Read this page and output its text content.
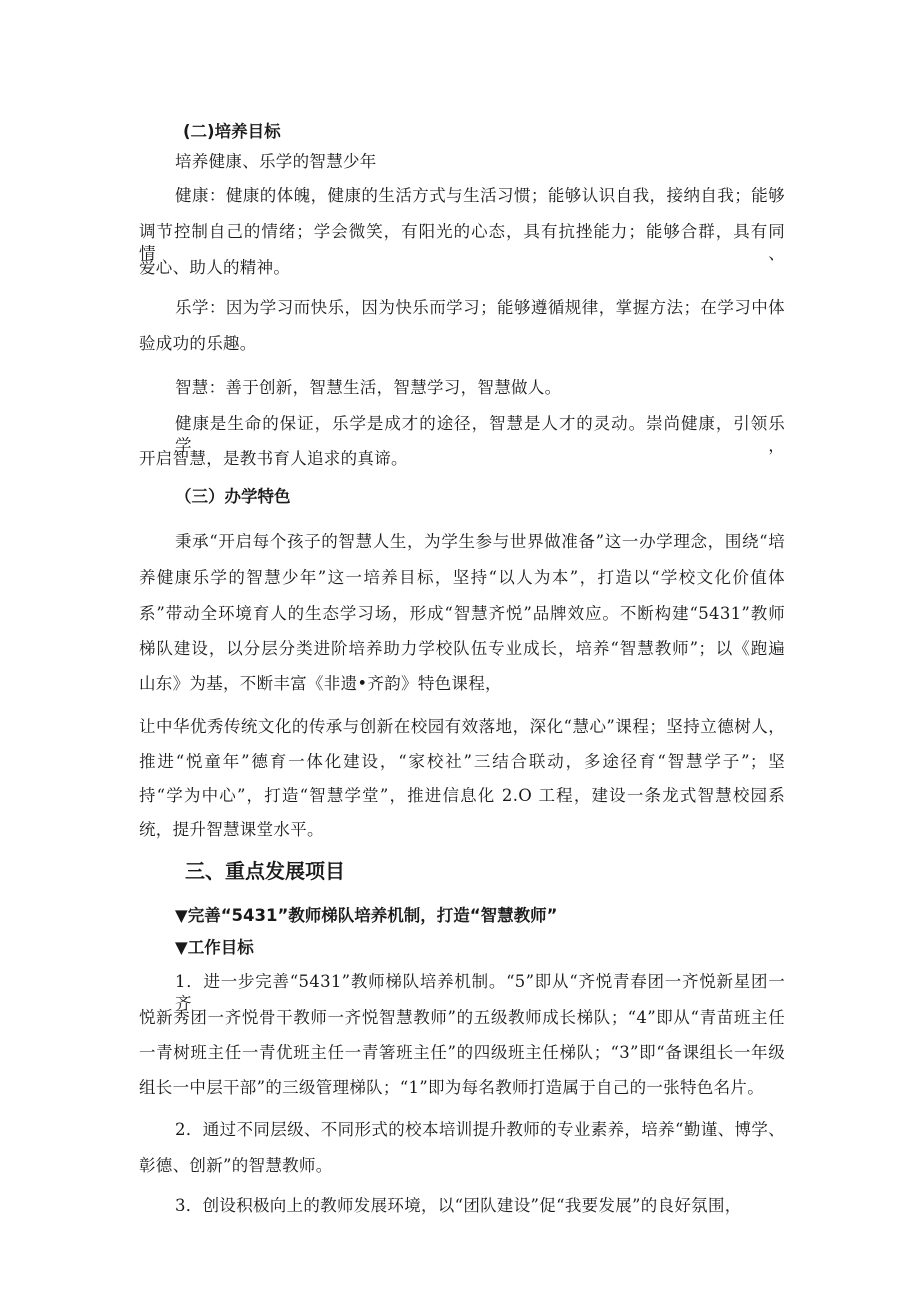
(二)培养目标
培养健康、乐学的智慧少年
健康：健康的体魄，健康的生活方式与生活习惯；能够认识自我，接纳自我；能够
调节控制自己的情绪；学会微笑，有阳光的心态，具有抗挫能力；能够合群，具有同情、
爱心、助人的精神。
乐学：因为学习而快乐，因为快乐而学习；能够遵循规律，掌握方法；在学习中体
验成功的乐趣。
智慧：善于创新，智慧生活，智慧学习，智慧做人。
健康是生命的保证，乐学是成才的途径，智慧是人才的灵动。崇尚健康，引领乐学，
开启智慧，是教书育人追求的真谛。
（三）办学特色
秉承“开启每个孩子的智慧人生，为学生参与世界做准备”这一办学理念，围绕“培
养健康乐学的智慧少年”这一培养目标，坚持“以人为本”，打造以“学校文化价值体
系”带动全环境育人的生态学习场，形成“智慧齐悦”品牌效应。不断构建“5431”教师
梯队建设，以分层分类进阶培养助力学校队伍专业成长，培养“智慧教师”；以《跑遍
山东》为基，不断丰富《非遗•齐韵》特色课程，
让中华优秀传统文化的传承与创新在校园有效落地，深化“慧心”课程；坚持立德树人，
推进“悦童年”德育一体化建设，“家校社”三结合联动，多途径育“智慧学子”；坚
持“学为中心”，打造“智慧学堂”，推进信息化 2.O 工程，建设一条龙式智慧校园系
统，提升智慧课堂水平。
三、重点发展项目
▼完善“5431”教师梯队培养机制，打造“智慧教师”
▼工作目标
1．进一步完善“5431”教师梯队培养机制。“5”即从“齐悦青春团一齐悦新星团一齐
悦新秀团一齐悦骨干教师一齐悦智慧教师”的五级教师成长梯队；“4”即从“青苗班主任
一青树班主任一青优班主任一青箸班主任”的四级班主任梯队；“3”即“备课组长一年级
组长一中层干部”的三级管理梯队；“1”即为每名教师打造属于自己的一张特色名片。
2．通过不同层级、不同形式的校本培训提升教师的专业素养，培养“勤谨、博学、
彰德、创新”的智慧教师。
3．创设积极向上的教师发展环境，以“团队建设”促“我要发展”的良好氛围，
